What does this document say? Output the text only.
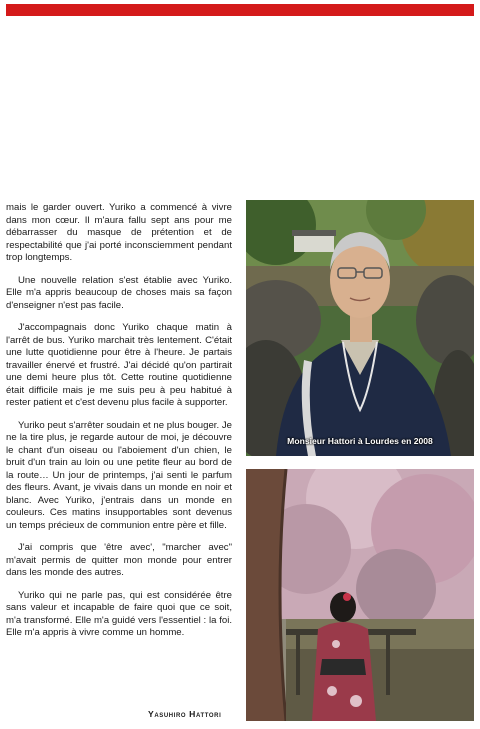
mais le garder ouvert. Yuriko a commencé à vivre dans mon cœur. Il m'aura fallu sept ans pour me débarrasser du masque de prétention et de respectabilité que j'ai porté inconsciemment pendant trop longtemps.

Une nouvelle relation s'est établie avec Yuriko. Elle m'a appris beaucoup de choses mais sa façon d'enseigner n'est pas facile.

J'accompagnais donc Yuriko chaque matin à l'arrêt de bus. Yuriko marchait très lentement. C'était une lutte quotidienne pour être à l'heure. Je partais travailler énervé et frustré. J'ai décidé qu'on partirait une demi heure plus tôt. Cette routine quotidienne était difficile mais je me suis peu à peu habitué à rester patient et c'est devenu plus facile à supporter.

Yuriko peut s'arrêter soudain et ne plus bouger. Je ne la tire plus, je regarde autour de moi, je découvre le chant d'un oiseau ou l'aboiement d'un chien, le bruit d'un train au loin ou une petite fleur au bord de la route… Un jour de printemps, j'ai senti le parfum des fleurs. Avant, je vivais dans un monde en noir et blanc. Avec Yuriko, j'entrais dans un monde en couleurs. Ces matins insupportables sont devenus un temps précieux de communion entre père et fille.

J'ai compris que 'être avec', "marcher avec" m'avait permis de quitter mon monde pour entrer dans les monde des autres.

Yuriko qui ne parle pas, qui est considérée être sans valeur et incapable de faire quoi que ce soit, m'a transformé. Elle m'a guidé vers l'essentiel : la foi. Elle m'a appris à vivre comme un homme.

Yasuhiro Hattori
Monsieur Hattori à Lourdes en 2008
